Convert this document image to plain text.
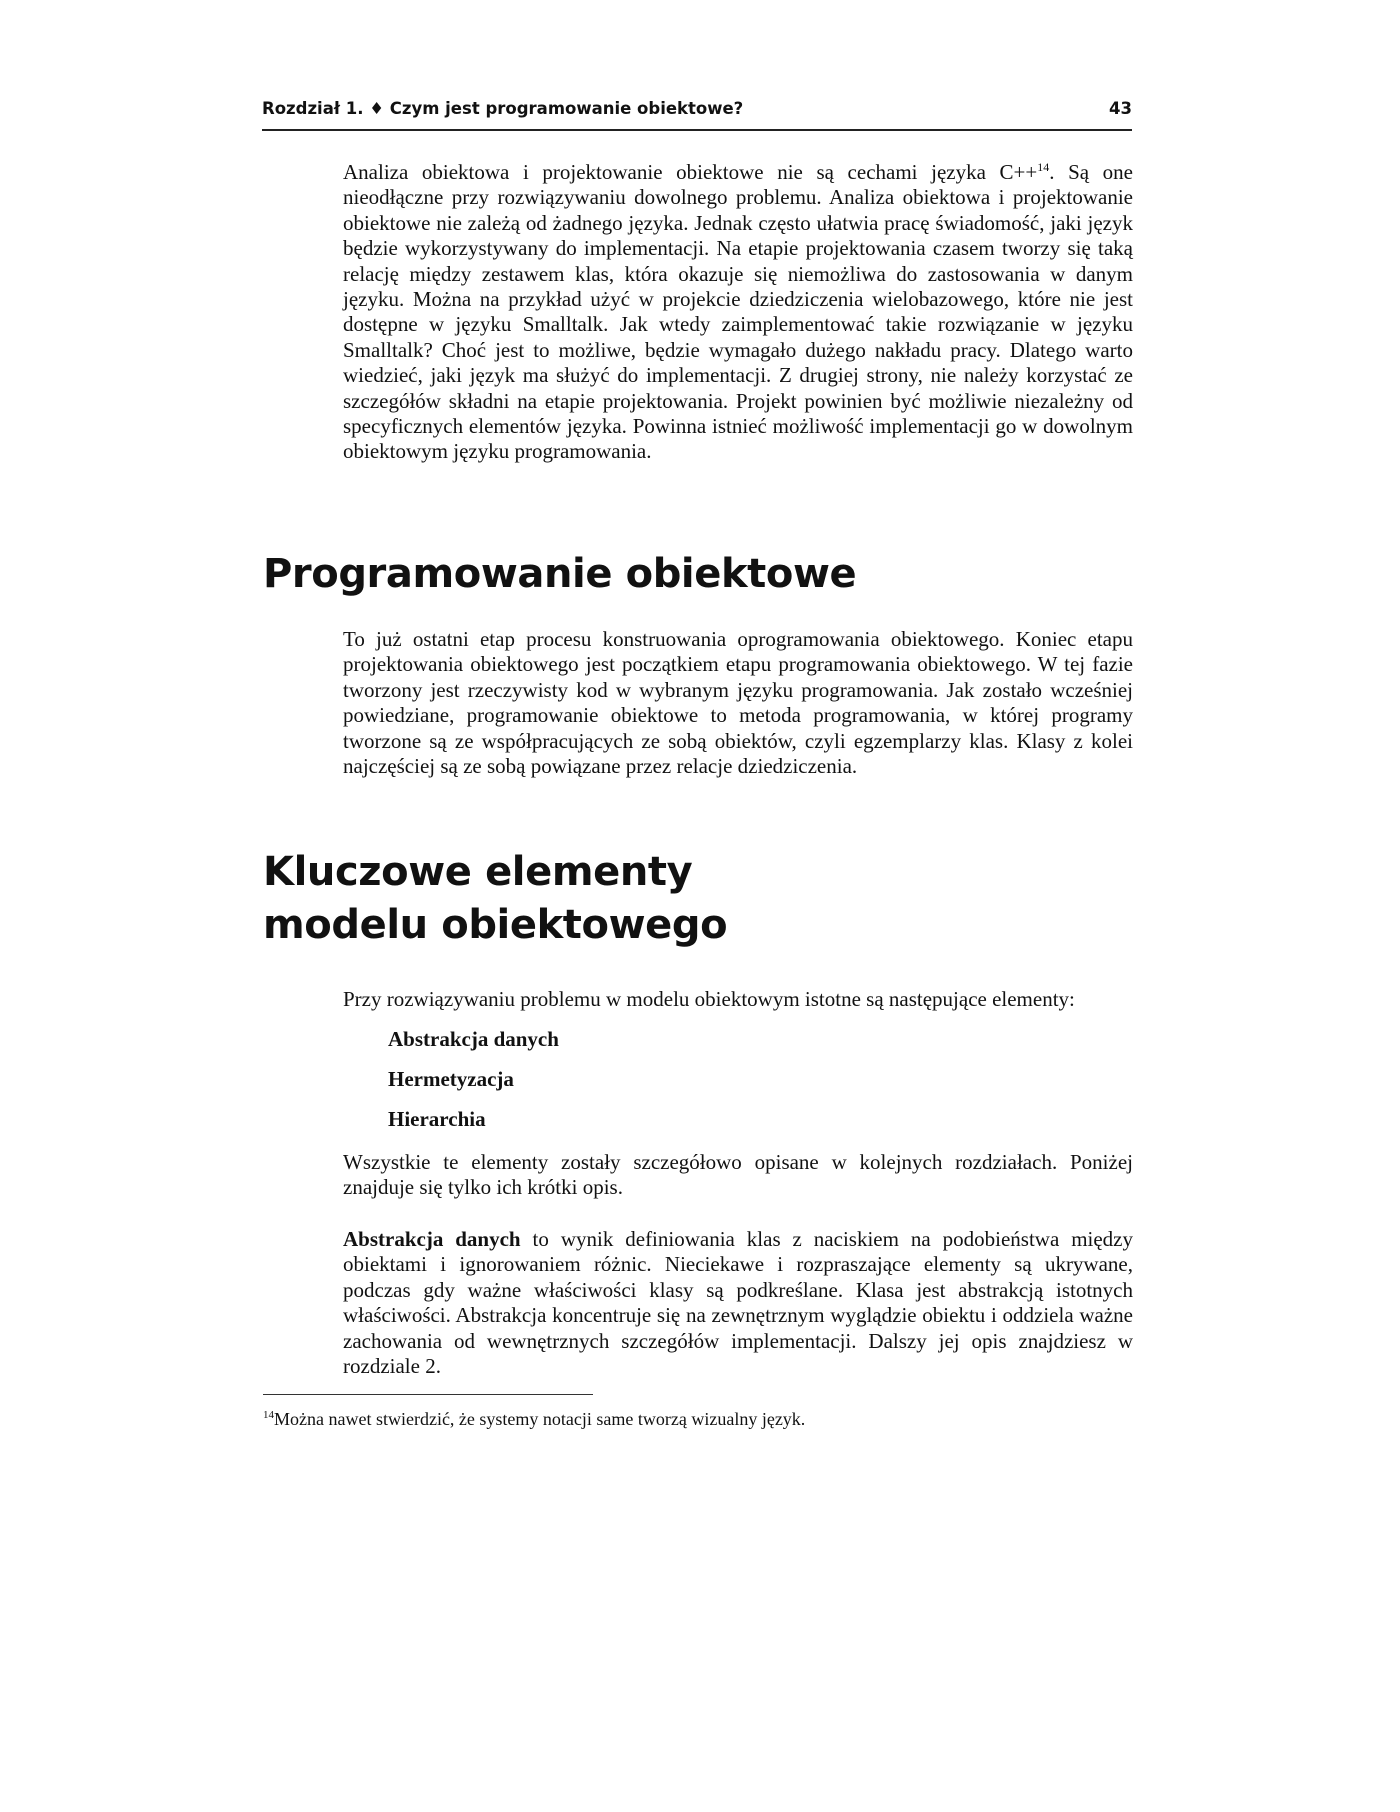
Rozdział 1. ♦ Czym jest programowanie obiektowe?	43

Analiza obiektowa i projektowanie obiektowe nie są cechami języka C++$^{14}$. Są one nieodłączne przy rozwiązywaniu dowolnego problemu. Analiza obiektowa i projektowanie obiektowe nie zależą od żadnego języka. Jednak często ułatwia pracę świadomość, jaki język będzie wykorzystywany do implementacji. Na etapie projektowania czasem tworzy się taką relację między zestawem klas, która okazuje się niemożliwa do zastosowania w danym języku. Można na przykład użyć w projekcie dziedziczenia wielobazowego, które nie jest dostępne w języku Smalltalk. Jak wtedy zaimplementować takie rozwiązanie w języku Smalltalk? Choć jest to możliwe, będzie wymagało dużego nakładu pracy. Dlatego warto wiedzieć, jaki język ma służyć do implementacji. Z drugiej strony, nie należy korzystać ze szczegółów składni na etapie projektowania. Projekt powinien być możliwie niezależny od specyficznych elementów języka. Powinna istnieć możliwość implementacji go w dowolnym obiektowym języku programowania.

Programowanie obiektowe

To już ostatni etap procesu konstruowania oprogramowania obiektowego. Koniec etapu projektowania obiektowego jest początkiem etapu programowania obiektowego. W tej fazie tworzony jest rzeczywisty kod w wybranym języku programowania. Jak zostało wcześniej powiedziane, programowanie obiektowe to metoda programowania, w której programy tworzone są ze współpracujących ze sobą obiektów, czyli egzemplarzy klas. Klasy z kolei najczęściej są ze sobą powiązane przez relacje dziedziczenia.

Kluczowe elementy
modelu obiektowego

Przy rozwiązywaniu problemu w modelu obiektowym istotne są następujące elementy:

Abstrakcja danych
Hermetyzacja
Hierarchia

Wszystkie te elementy zostały szczegółowo opisane w kolejnych rozdziałach. Poniżej znajduje się tylko ich krótki opis.

Abstrakcja danych to wynik definiowania klas z naciskiem na podobieństwa między obiektami i ignorowaniem różnic. Nieciekawe i rozpraszające elementy są ukrywane, podczas gdy ważne właściwości klasy są podkreślane. Klasa jest abstrakcją istotnych właściwości. Abstrakcja koncentruje się na zewnętrznym wyglądzie obiektu i oddziela ważne zachowania od wewnętrznych szczegółów implementacji. Dalszy jej opis znajdziesz w rozdziale 2.

$^{14}$Można nawet stwierdzić, że systemy notacji same tworzą wizualny język.
